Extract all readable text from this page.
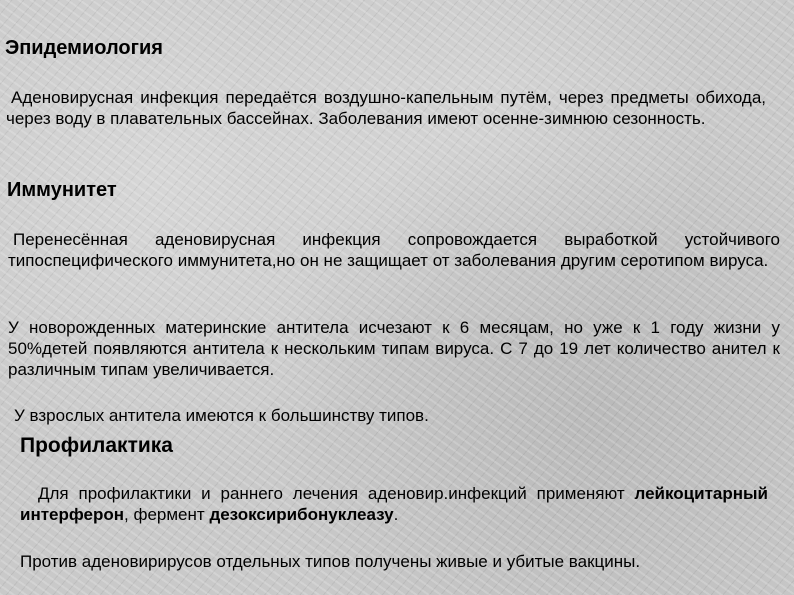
Эпидемиология

Аденовирусная инфекция передаётся воздушно-капельным путём, через предметы обихода, через воду в плавательных бассейнах. Заболевания имеют осенне-зимнюю сезонность.

Иммунитет

Перенесённая аденовирусная инфекция сопровождается выработкой устойчивого типоспецифического иммунитета,но он не защищает от заболевания другим серотипом вируса.

У новорожденных материнские антитела исчезают к 6 месяцам, но уже к 1 году жизни у 50%детей появляются антитела к нескольким типам вируса. С 7 до 19 лет количество анител к различным типам увеличивается.

У взрослых антитела имеются к большинству типов.

Профилактика

Для профилактики и раннего лечения аденовир.инфекций применяют лейкоцитарный интерферон, фермент дезоксирибонуклеазу.

Против аденовирирусов отдельных типов получены живые и убитые вакцины.
